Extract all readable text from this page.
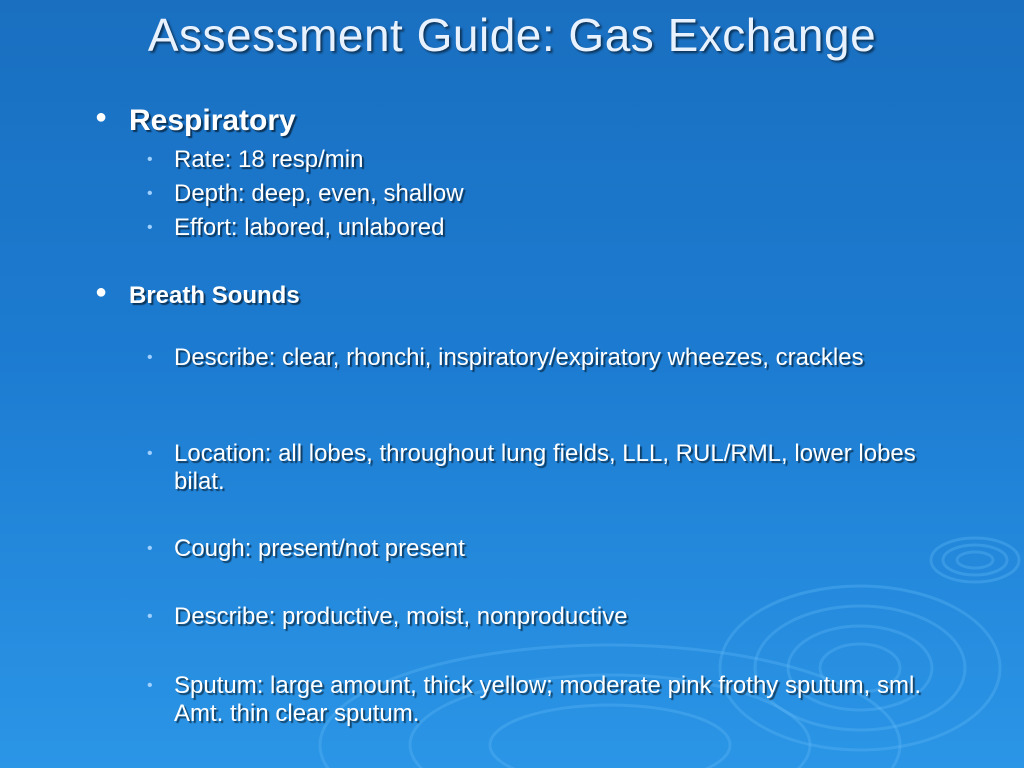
Assessment Guide: Gas Exchange
● Respiratory
• Rate: 18 resp/min
• Depth: deep, even, shallow
• Effort: labored, unlabored
● Breath Sounds
• Describe: clear, rhonchi, inspiratory/expiratory wheezes, crackles
• Location: all lobes, throughout lung fields, LLL, RUL/RML, lower lobes bilat.
• Cough: present/not present
• Describe: productive, moist, nonproductive
• Sputum: large amount, thick yellow; moderate pink frothy sputum, sml. Amt. thin clear sputum.
